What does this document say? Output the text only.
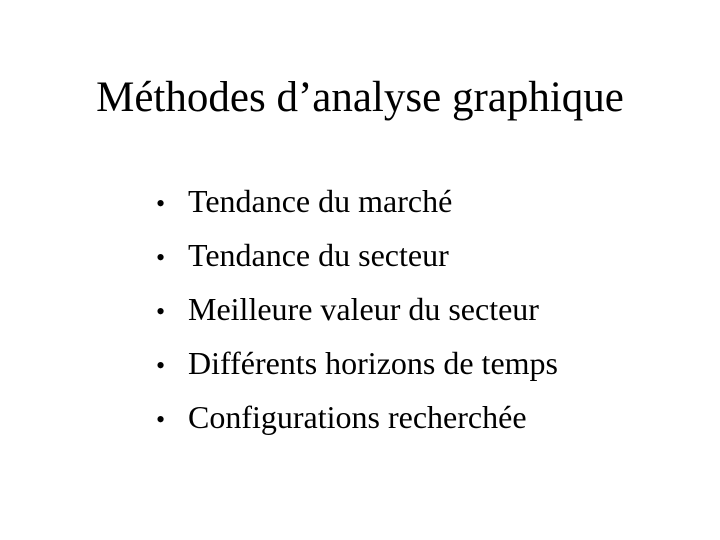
Méthodes d’analyse graphique
• Tendance du marché
• Tendance du secteur
• Meilleure valeur du secteur
• Différents horizons de temps
• Configurations recherchée
